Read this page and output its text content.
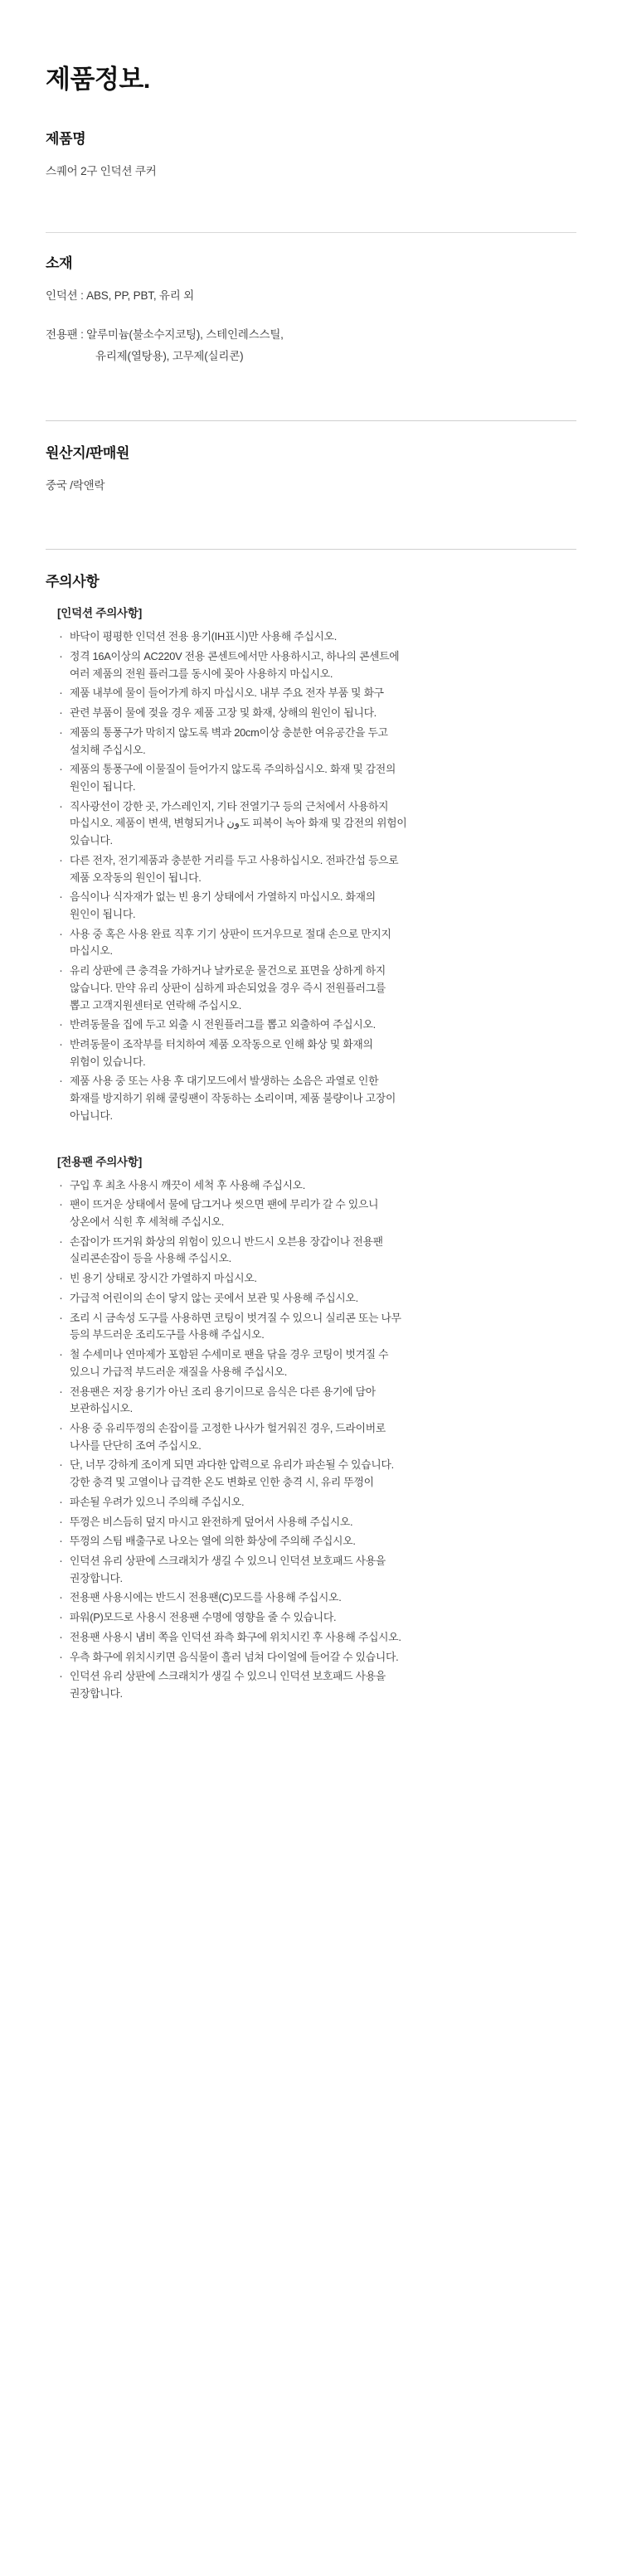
제품정보.
제품명
스퀘어 2구 인덕션 쿠커
소재
인덕션 : ABS, PP, PBT, 유리 외
전용팬 : 알루미늄(불소수지코팅), 스테인레스스틸,
유리제(열탕용), 고무제(실리콘)
원산지/판매원
중국 /락앤락
주의사항
[인덕션 주의사항]
· 바닥이 평평한 인덕션 전용 용기(IH표시)만 사용해 주십시오.
· 정격 16A이상의 AC220V 전용 콘센트에서만 사용하시고, 하나의 콘센트에
여러 제품의 전원 플러그를 동시에 꽂아 사용하지 마십시오.
· 제품 내부에 물이 들어가게 하지 마십시오. 내부 주요 전자 부품 및 화구
· 관련 부품이 물에 젖을 경우 제품 고장 및 화재, 상해의 원인이 됩니다.
· 제품의 통풍구가 막히지 않도록 벽과 20cm이상 충분한 여유공간을 두고
설치해 주십시오.
· 제품의 통풍구에 이물질이 들어가지 않도록 주의하십시오. 화재 및 감전의
원인이 됩니다.
· 직사광선이 강한 곳, 가스레인지, 기타 전열기구 등의 근처에서 사용하지
마십시오. 제품이 변색, 변형되거나 ون도 피복이 녹아 화재 및 감전의 위험이
있습니다.
· 다른 전자, 전기제품과 충분한 거리를 두고 사용하십시오. 전파간섭 등으로
제품 오작동의 원인이 됩니다.
· 음식이나 식자재가 없는 빈 용기 상태에서 가열하지 마십시오. 화재의
원인이 됩니다.
· 사용 중 혹은 사용 완료 직후 기기 상판이 뜨거우므로 절대 손으로 만지지
마십시오.
· 유리 상판에 큰 충격을 가하거나 날카로운 물건으로 표면을 상하게 하지
않습니다. 만약 유리 상판이 심하게 파손되었을 경우 즉시 전원플러그를
뽑고 고객지원센터로 연락해 주십시오.
· 반려동물을 집에 두고 외출 시 전원플러그를 뽑고 외출하여 주십시오.
· 반려동물이 조작부를 터치하여 제품 오작동으로 인해 화상 및 화재의
위험이 있습니다.
· 제품 사용 중 또는 사용 후 대기모드에서 발생하는 소음은 과열로 인한
화재를 방지하기 위해 쿨링팬이 작동하는 소리이며, 제품 불량이나 고장이
아닙니다.
[전용팬 주의사항]
· 구입 후 최초 사용시 깨끗이 세척 후 사용해 주십시오.
· 팬이 뜨거운 상태에서 물에 담그거나 씻으면 팬에 무리가 갈 수 있으니
상온에서 식힌 후 세척해 주십시오.
· 손잡이가 뜨거워 화상의 위험이 있으니 반드시 오븐용 장갑이나 전용팬
실리콘손잡이 등을 사용해 주십시오.
· 빈 용기 상태로 장시간 가열하지 마십시오.
· 가급적 어린이의 손이 닿지 않는 곳에서 보관 및 사용해 주십시오.
· 조리 시 금속성 도구를 사용하면 코팅이 벗겨질 수 있으니 실리콘 또는 나무
등의 부드러운 조리도구를 사용해 주십시오.
· 철 수세미나 연마제가 포함된 수세미로 팬을 닦을 경우 코팅이 벗겨질 수
있으니 가급적 부드러운 재질을 사용해 주십시오.
· 전용팬은 저장 용기가 아닌 조리 용기이므로 음식은 다른 용기에 담아
보관하십시오.
· 사용 중 유리뚜껑의 손잡이를 고정한 나사가 헐거워진 경우, 드라이버로
나사를 단단히 조여 주십시오.
· 단, 너무 강하게 조이게 되면 과다한 압력으로 유리가 파손될 수 있습니다.
강한 충격 및 고열이나 급격한 온도 변화로 인한 충격 시, 유리 뚜껑이
· 파손될 우려가 있으니 주의해 주십시오.
· 뚜껑은 비스듬히 덮지 마시고 완전하게 덮어서 사용해 주십시오.
· 뚜껑의 스팀 배출구로 나오는 열에 의한 화상에 주의해 주십시오.
· 인덕션 유리 상판에 스크래치가 생길 수 있으니 인덕션 보호패드 사용을
권장합니다.
· 전용팬 사용시에는 반드시 전용팬(C)모드를 사용해 주십시오.
· 파워(P)모드로 사용시 전용팬 수명에 영향을 줄 수 있습니다.
· 전용팬 사용시 냄비 쪽을 인덕션 좌측 화구에 위치시킨 후 사용해 주십시오.
· 우측 화구에 위치시키면 음식물이 흘러 넘쳐 다이얼에 들어갈 수 있습니다.
· 인덕션 유리 상판에 스크래치가 생길 수 있으니 인덕션 보호패드 사용을
권장합니다.
